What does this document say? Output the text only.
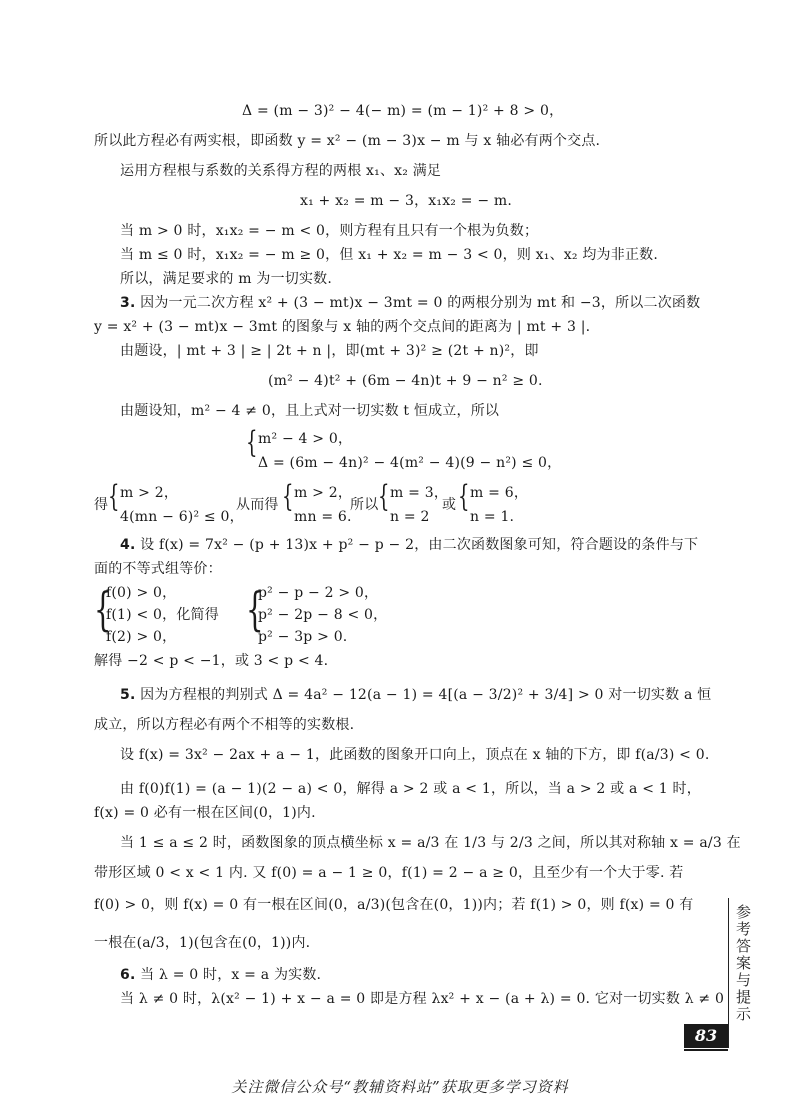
Δ = (m − 3)² − 4(− m) = (m − 1)² + 8 > 0，
所以此方程必有两实根，即函数 y = x² − (m − 3)x − m 与 x 轴必有两个交点.
运用方程根与系数的关系得方程的两根 x₁、x₂ 满足
x₁ + x₂ = m − 3，x₁x₂ = − m.
当 m > 0 时，x₁x₂ = − m < 0，则方程有且只有一个根为负数；
当 m ≤ 0 时，x₁x₂ = − m ≥ 0，但 x₁ + x₂ = m − 3 < 0，则 x₁、x₂ 均为非正数.
所以，满足要求的 m 为一切实数.
3. 因为一元二次方程 x² + (3 − mt)x − 3mt = 0 的两根分别为 mt 和 −3，所以二次函数
y = x² + (3 − mt)x − 3mt 的图象与 x 轴的两个交点间的距离为 | mt + 3 |.
由题设，| mt + 3 | ≥ | 2t + n |，即(mt + 3)² ≥ (2t + n)²，即
(m² − 4)t² + (6m − 4n)t + 9 − n² ≥ 0.
由题设知，m² − 4 ≠ 0，且上式对一切实数 t 恒成立，所以
{ m² − 4 > 0，
Δ = (6m − 4n)² − 4(m² − 4)(9 − n²) ≤ 0，
得 { m > 2，
4(mn − 6)² ≤ 0，
从而得 { m > 2，
mn = 6.
所以 { m = 3，
n = 2
或 { m = 6，
n = 1.
4. 设 f(x) = 7x² − (p + 13)x + p² − p − 2，由二次函数图象可知，符合题设的条件与下
面的不等式组等价：
{
f(0) > 0，
f(1) < 0，化简得
f(2) > 0，
{
p² − p − 2 > 0，
p² − 2p − 8 < 0，
p² − 3p > 0.
解得 −2 < p < −1，或 3 < p < 4.
5. 因为方程根的判别式 Δ = 4a² − 12(a − 1) = 4[(a − 3/2)² + 3/4] > 0 对一切实数 a 恒
成立，所以方程必有两个不相等的实数根.
设 f(x) = 3x² − 2ax + a − 1，此函数的图象开口向上，顶点在 x 轴的下方，即 f(a/3) < 0.
由 f(0)f(1) = (a − 1)(2 − a) < 0，解得 a > 2 或 a < 1，所以，当 a > 2 或 a < 1 时，
f(x) = 0 必有一根在区间(0，1)内.
当 1 ≤ a ≤ 2 时，函数图象的顶点横坐标 x = a/3 在 1/3 与 2/3 之间，所以其对称轴 x = a/3 在
带形区域 0 < x < 1 内. 又 f(0) = a − 1 ≥ 0，f(1) = 2 − a ≥ 0，且至少有一个大于零. 若
f(0) > 0，则 f(x) = 0 有一根在区间(0，a/3)(包含在(0，1))内；若 f(1) > 0，则 f(x) = 0 有
一根在(a/3，1)(包含在(0，1))内.
6. 当 λ = 0 时，x = a 为实数.
当 λ ≠ 0 时，λ(x² − 1) + x − a = 0 即是方程 λx² + x − (a + λ) = 0. 它对一切实数 λ ≠ 0 参考答案与提示
83
关注微信公众号“教辅资料站”获取更多学习资料
